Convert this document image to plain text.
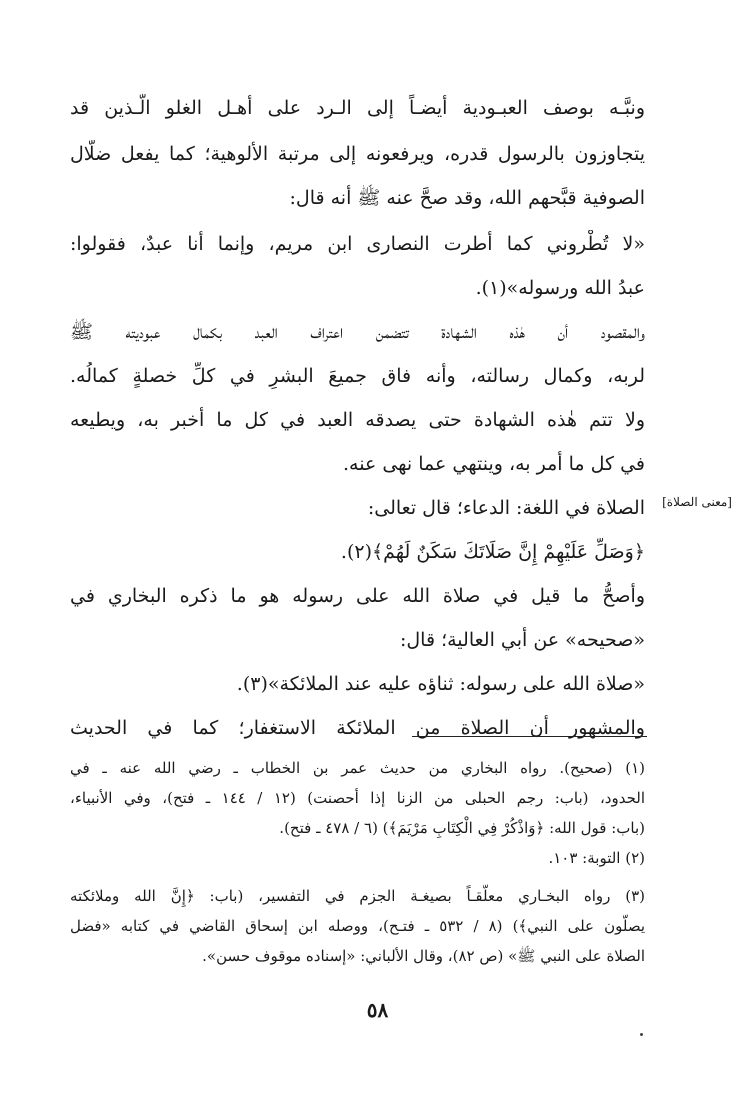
ونبَّـه بوصف العبـودية أيضـاً إلى الـرد على أهـل الغلو الّـذين قد
يتجاوزون بالرسول قدره، ويرفعونه إلى مرتبة الألوهية؛ كما يفعل ضلَّال
الصوفية قبَّحهم الله، وقد صحَّ عنه ﷺ أنه قال:
«لا تُطْروني كما أطرت النصارى ابن مريم، وإنما أنا عبدٌ، فقولوا:
عبدُ الله ورسوله»(١).
والمقصود أن هٰذه الشهادة تتضمن اعتراف العبد بكمال عبوديته ﷺ
لربه، وكمال رسالته، وأنه فاق جميعَ البشرِ في كلِّ خصلةٍ كمالُه.
ولا تتم هٰذه الشهادة حتى يصدقه العبد في كل ما أخبر به، ويطيعه
في كل ما أمر به، وينتهي عما نهى عنه.
[معنى الصلاة]
الصلاة في اللغة: الدعاء؛ قال تعالى:
﴿وَصَلِّ عَلَيْهِمْ إِنَّ صَلَاتَكَ سَكَنٌ لَهُمْ﴾(٢).
وأصحُّ ما قيل في صلاة الله على رسوله هو ما ذكره البخاري في
«صحيحه» عن أبي العالية؛ قال:
«صلاة الله على رسوله: ثناؤه عليه عند الملائكة»(٣).
والمشهور أن الصلاة من الملائكة الاستغفار؛ كما في الحديث
(١) (صحيح). رواه البخاري من حديث عمر بن الخطاب ـ رضي الله عنه ـ في
الحدود، (باب: رجم الحبلى من الزنا إذا أحصنت) (١٢ / ١٤٤ ـ فتح)، وفي الأنبياء،
(باب: قول الله: ﴿وَاذْكُرْ فِي الْكِتَابِ مَرْيَمَ﴾) (٦ / ٤٧٨ ـ فتح).
(٢) التوبة: ١٠٣.
(٣) رواه البخـاري معلَّقـاً بصيغـة الجزم في التفسير، (باب: ﴿إِنَّ الله وملائكته
يصلُّون على النبي﴾) (٨ / ٥٣٢ ـ فتـح)، ووصله ابن إسحاق القاضي في كتابه «فضل
الصلاة على النبي ﷺ» (ص ٨٢)، وقال الألباني: «إسناده موقوف حسن».
٥٨
